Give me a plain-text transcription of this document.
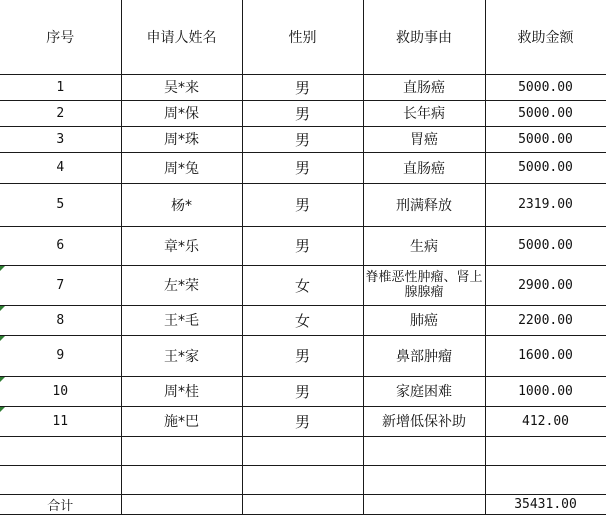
序号	申请人姓名	性别	救助事由	救助金额
1	吴*来	男	直肠癌	5000.00
2	周*保	男	长年病	5000.00
3	周*珠	男	胃癌	5000.00
4	周*兔	男	直肠癌	5000.00
5	杨*	男	刑满释放	2319.00
6	章*乐	男	生病	5000.00

7	左*荣	女	脊椎恶性肿瘤、肾上腺腺瘤	2900.00

8	王*毛	女	肺癌	2200.00

9	王*家	男	鼻部肿瘤	1600.00

10	周*桂	男	家庭困难	1000.00

11	施*巴	男	新增低保补助	412.00

合计				35431.00
